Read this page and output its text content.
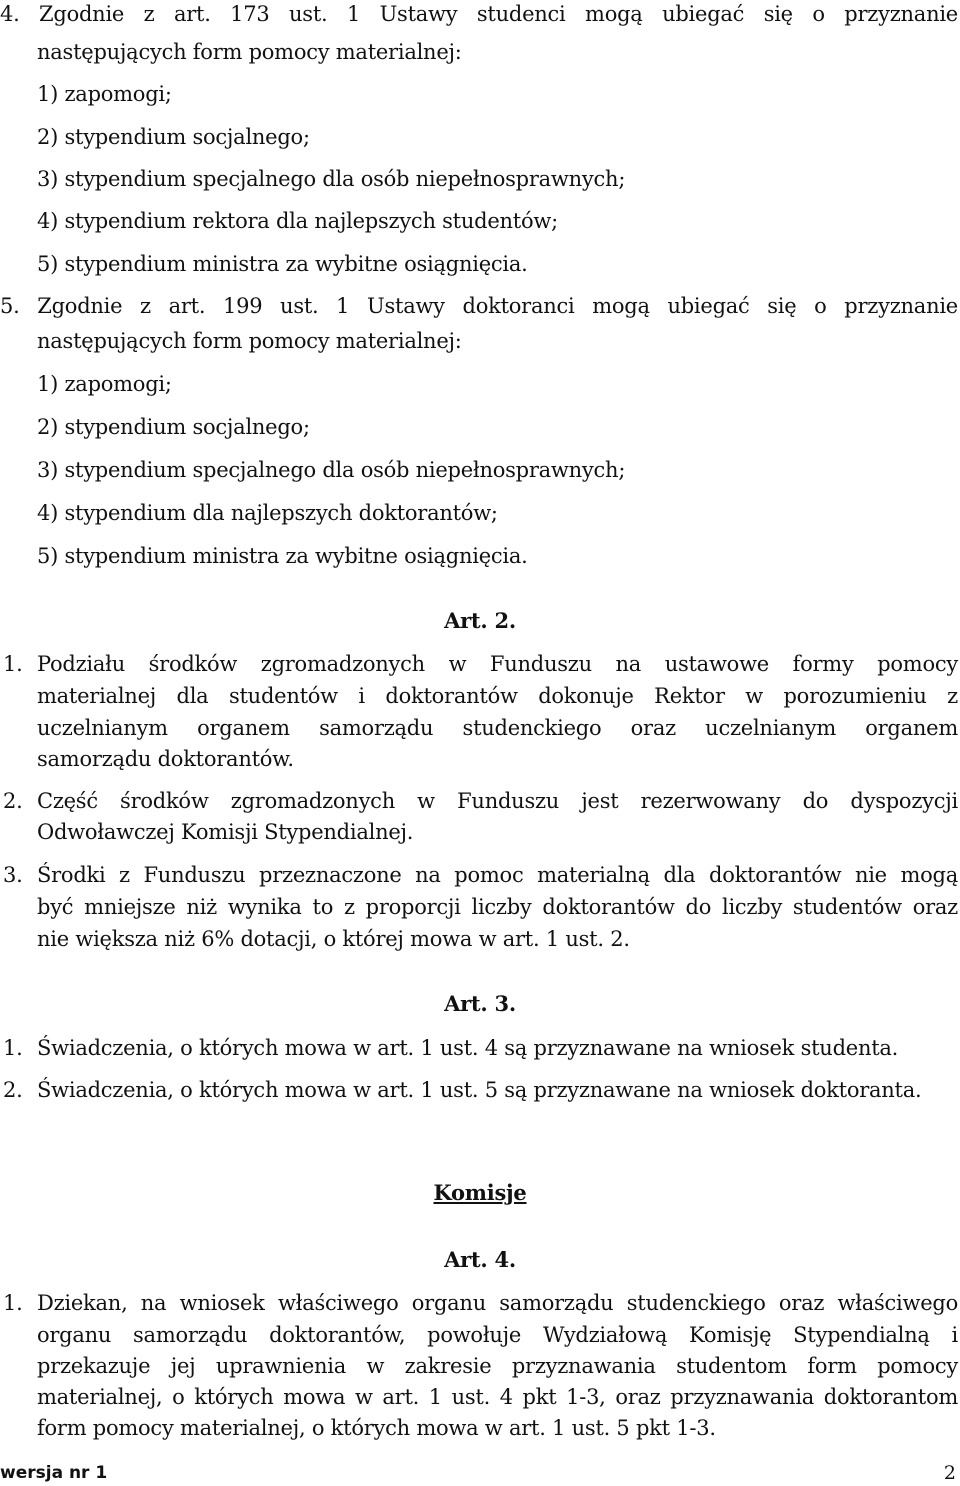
4. Zgodnie z art. 173 ust. 1 Ustawy studenci mogą ubiegać się o przyznanie

następujących form pomocy materialnej:

1) zapomogi;

2) stypendium socjalnego;

3) stypendium specjalnego dla osób niepełnosprawnych;

4) stypendium rektora dla najlepszych studentów;

5) stypendium ministra za wybitne osiągnięcia.

5. Zgodnie z art. 199 ust. 1 Ustawy doktoranci mogą ubiegać się o przyznanie

następujących form pomocy materialnej:

1) zapomogi;

2) stypendium socjalnego;

3) stypendium specjalnego dla osób niepełnosprawnych;

4) stypendium dla najlepszych doktorantów;

5) stypendium ministra za wybitne osiągnięcia.

Art. 2.

1. Podziału środków zgromadzonych w Funduszu na ustawowe formy pomocy

materialnej dla studentów i doktorantów dokonuje Rektor w porozumieniu z

uczelnianym organem samorządu studenckiego oraz uczelnianym organem

samorządu doktorantów.

2. Część środków zgromadzonych w Funduszu jest rezerwowany do dyspozycji

Odwoławczej Komisji Stypendialnej.

3. Środki z Funduszu przeznaczone na pomoc materialną dla doktorantów nie mogą

być mniejsze niż wynika to z proporcji liczby doktorantów do liczby studentów oraz

nie większa niż 6% dotacji, o której mowa w art. 1 ust. 2.

Art. 3.

1. Świadczenia, o których mowa w art. 1 ust. 4 są przyznawane na wniosek studenta.

2. Świadczenia, o których mowa w art. 1 ust. 5 są przyznawane na wniosek doktoranta.

Komisje

Art. 4.

1. Dziekan, na wniosek właściwego organu samorządu studenckiego oraz właściwego

organu samorządu doktorantów, powołuje Wydziałową Komisję Stypendialną i

przekazuje jej uprawnienia w zakresie przyznawania studentom form pomocy

materialnej, o których mowa w art. 1 ust. 4 pkt 1-3, oraz przyznawania doktorantom

form pomocy materialnej, o których mowa w art. 1 ust. 5 pkt 1-3.

wersja nr 1	2
